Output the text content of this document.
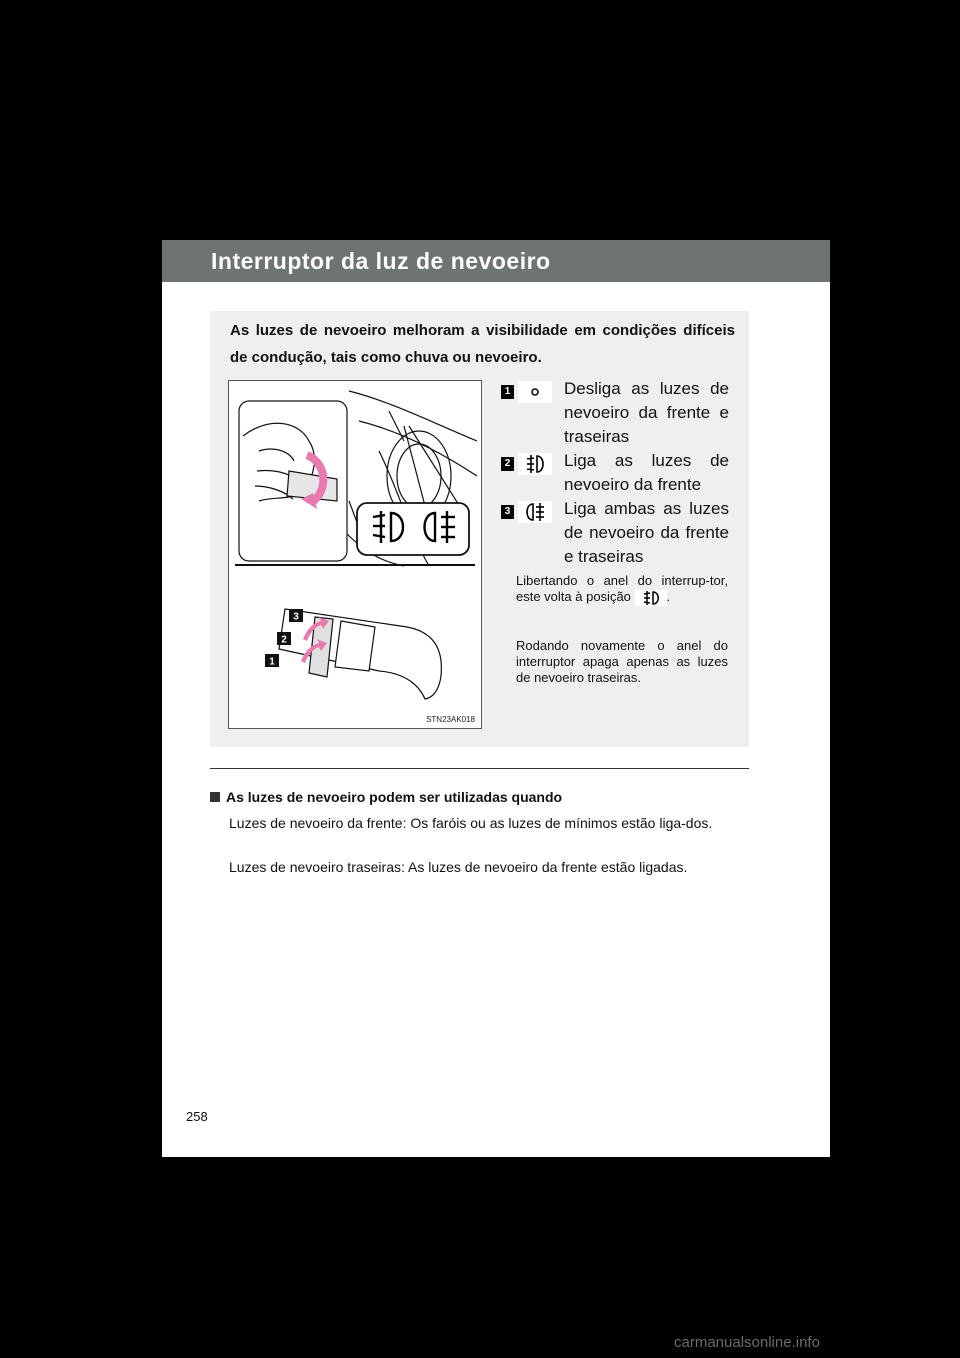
Interruptor da luz de nevoeiro
As luzes de nevoeiro melhoram a visibilidade em condições difíceis de condução, tais como chuva ou nevoeiro.
3
2
1
STN23AK018
1	Desliga as luzes de nevoeiro da frente e traseiras
2	Liga as luzes de nevoeiro da frente
3	Liga ambas as luzes de nevoeiro da frente e traseiras
Libertando o anel do interrup-tor, este volta à posição	.
Rodando novamente o anel do interruptor apaga apenas as luzes de nevoeiro traseiras.
As luzes de nevoeiro podem ser utilizadas quando
Luzes de nevoeiro da frente: Os faróis ou as luzes de mínimos estão liga-dos.
Luzes de nevoeiro traseiras: As luzes de nevoeiro da frente estão ligadas.
258
carmanualsonline.info
